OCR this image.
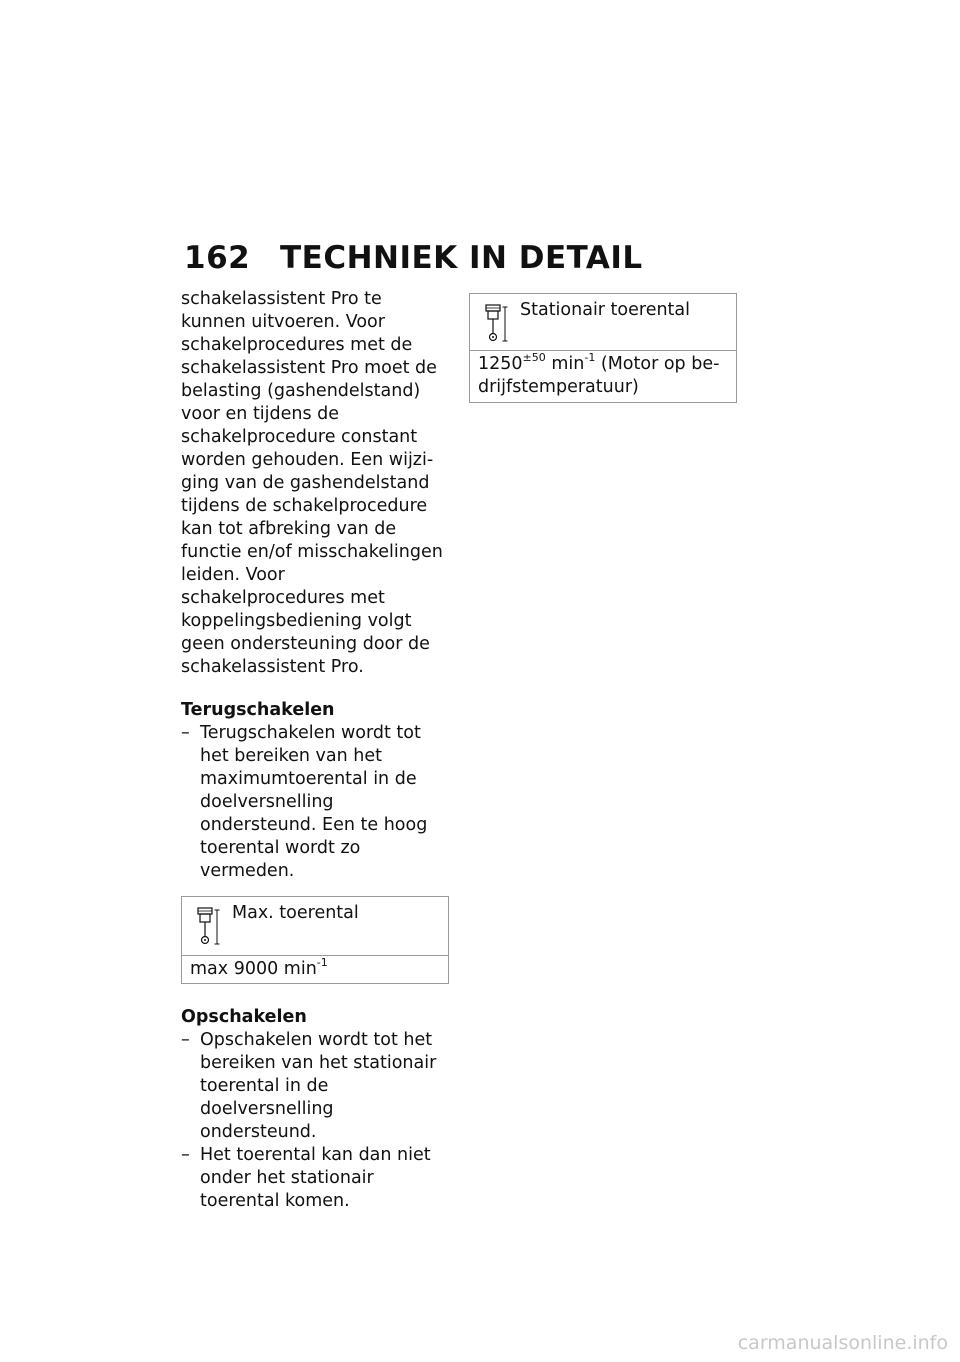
162 TECHNIEK IN DETAIL

schakelassistent Pro te kunnen uitvoeren. Voor schakelprocedures met de schakelassistent Pro moet de belasting (gashendelstand) voor en tijdens de schakelprocedure constant worden gehouden. Een wijziging van de gashendelstand tijdens de schakelprocedure kan tot afbreking van de functie en/of misschakelingen leiden. Voor schakelprocedures met koppelingsbediening volgt geen ondersteuning door de schakelassistent Pro.

Terugschakelen

– Terugschakelen wordt tot het bereiken van het maximumtoerental in de doelversnelling ondersteund. Een te hoog toerental wordt zo vermeden.

Max. toerental
max 9000 $\min^{-1}$

Opschakelen

– Opschakelen wordt tot het bereiken van het stationair toerental in de doelversnelling ondersteund.

– Het toerental kan dan niet onder het stationair toerental komen.

Stationair toerental
$1250^{\pm 50}$ $\min^{-1}$ (Motor op bedrijfstemperatuur)
carmanualsonline.info
